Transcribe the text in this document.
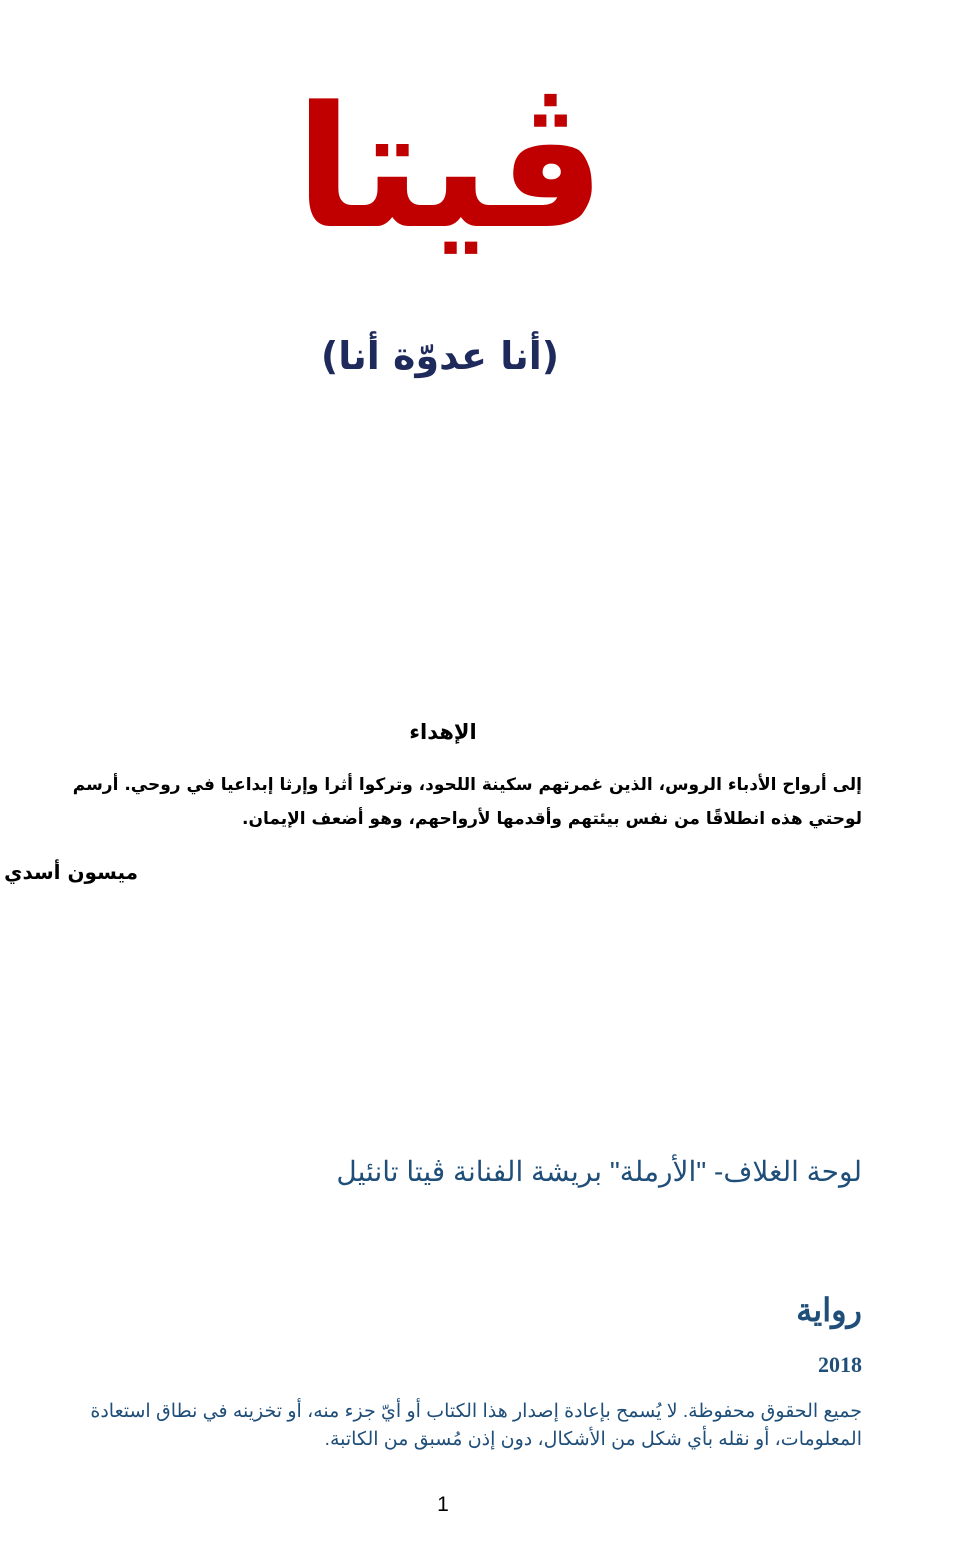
ڤيتا
(أنا عدوّة أنا)
الإهداء
إلى أرواح الأدباء الروس، الذين غمرتهم سكينة اللحود، وتركوا أثرا وإرثا إبداعيا في روحي. أرسم لوحتي هذه انطلاقًا من نفس بيئتهم وأقدمها لأرواحهم، وهو أضعف الإيمان.
ميسون أسدي
لوحة الغلاف- "الأرملة" بريشة الفنانة ڤيتا تانئيل
رواية
2018
جميع الحقوق محفوظة. لا يُسمح بإعادة إصدار هذا الكتاب أو أيّ جزء منه، أو تخزينه في نطاق استعادة المعلومات، أو نقله بأي شكل من الأشكال، دون إذن مُسبق من الكاتبة.
1
